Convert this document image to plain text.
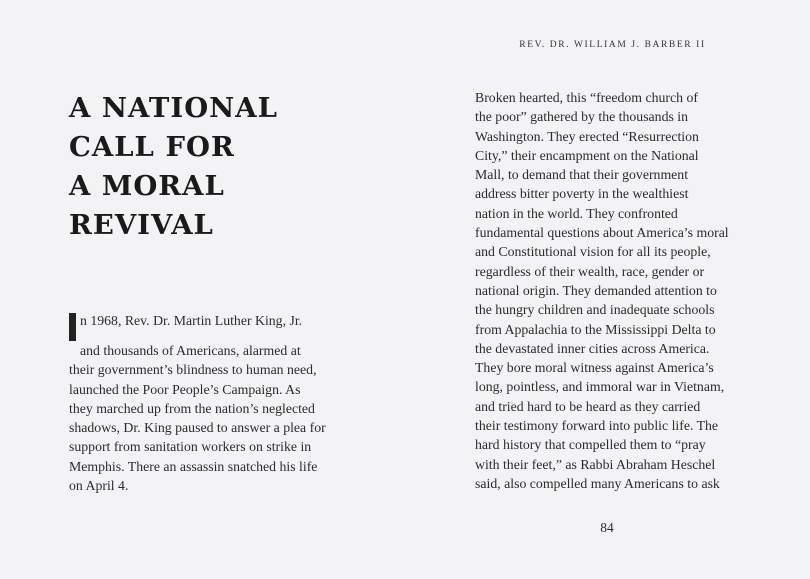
REV. DR. WILLIAM J. BARBER II
A NATIONAL
CALL FOR
A MORAL
REVIVAL

n 1968, Rev. Dr. Martin Luther King, Jr.
and thousands of Americans, alarmed at
their government’s blindness to human need,
launched the Poor People’s Campaign. As
they marched up from the nation’s neglected
shadows, Dr. King paused to answer a plea for
support from sanitation workers on strike in
Memphis. There an assassin snatched his life
on April 4.

Broken hearted, this “freedom church of
the poor” gathered by the thousands in
Washington. They erected “Resurrection
City,” their encampment on the National
Mall, to demand that their government
address bitter poverty in the wealthiest
nation in the world. They confronted
fundamental questions about America’s moral
and Constitutional vision for all its people,
regardless of their wealth, race, gender or
national origin. They demanded attention to
the hungry children and inadequate schools
from Appalachia to the Mississippi Delta to
the devastated inner cities across America.
They bore moral witness against America’s
long, pointless, and immoral war in Vietnam,
and tried hard to be heard as they carried
their testimony forward into public life. The
hard history that compelled them to “pray
with their feet,” as Rabbi Abraham Heschel
said, also compelled many Americans to ask

84
